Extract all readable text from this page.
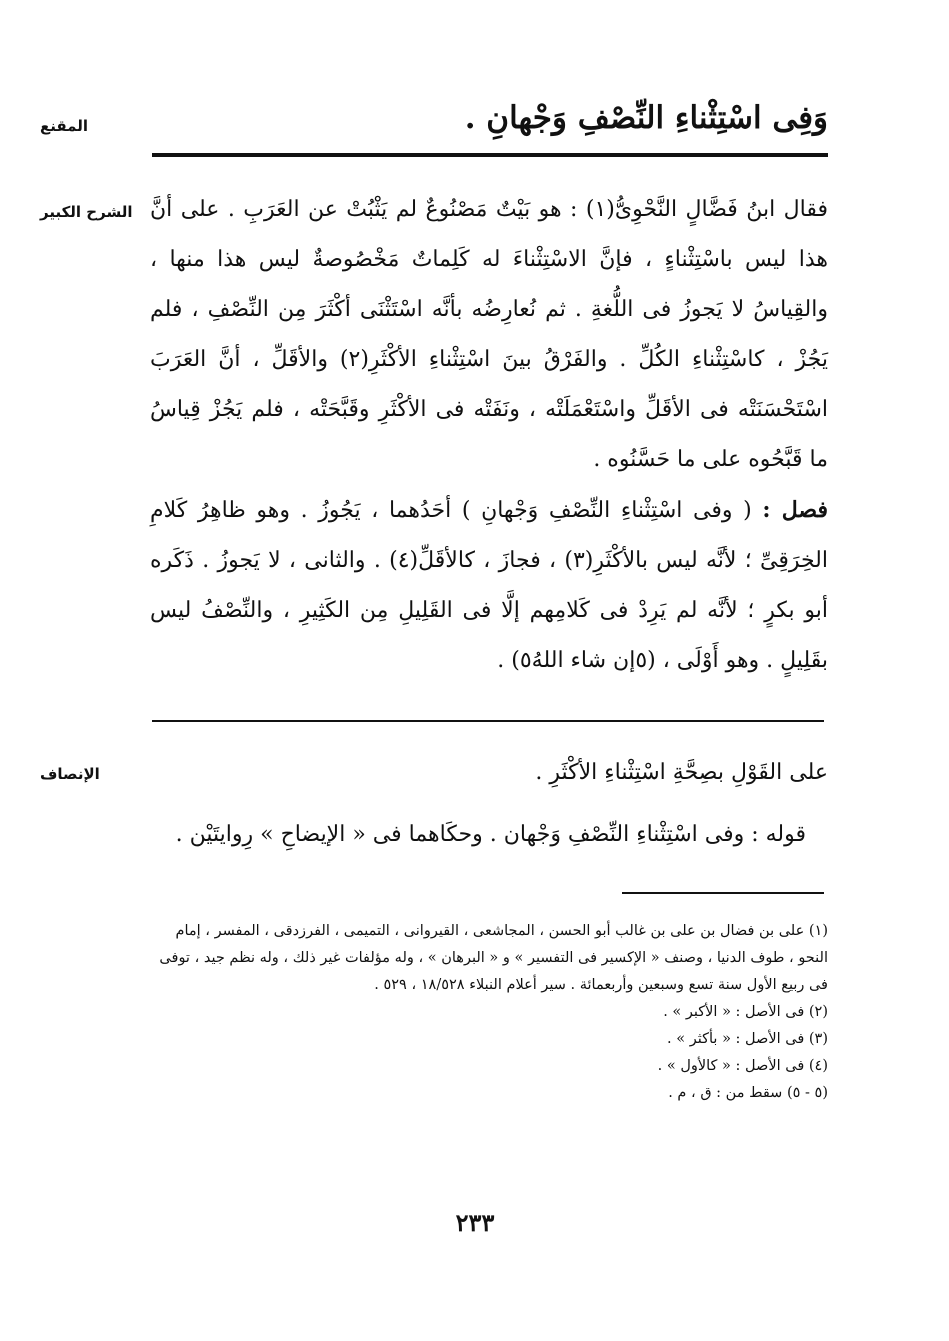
المقنع	وَفِى اسْتِثْناءِ النِّصْفِ وَجْهانِ .
الشرح الكبير فقال ابنُ فَضَّالٍ النَّحْوِىُّ(١) : هو بَيْتٌ مَصْنُوعٌ لم يَثْبُتْ عن العَرَبِ . على أنَّ هذا ليس باسْتِثْناءٍ ، فإنَّ الاسْتِثْناءَ له كَلِماتٌ مَخْصُوصةٌ ليس هذا منها ، والقِياسُ لا يَجوزُ فى اللُّغةِ . ثم نُعارِضُه بأنَّه اسْتَثْنَى أكْثَرَ مِن النِّصْفِ ، فلم يَجُزْ ، كاسْتِثْناءِ الكُلِّ . والفَرْقُ بينَ اسْتِثْناءِ الأكْثَرِ(٢) والأقَلِّ ، أنَّ العَرَبَ اسْتَحْسَنَتْه فى الأقَلِّ واسْتَعْمَلَتْه ، ونَفَتْه فى الأكْثَرِ وقَبَّحَتْه ، فلم يَجُزْ قِياسُ ما قَبَّحُوه على ما حَسَّنُوه .

فصل : ( وفى اسْتِثْناءِ النِّصْفِ وَجْهانِ ) أحَدُهما ، يَجُوزُ . وهو ظاهِرُ كَلامِ الخِرَقِىِّ ؛ لأنَّه ليس بالأكْثَرِ(٣) ، فجازَ ، كالأقَلِّ(٤) . والثانى ، لا يَجوزُ . ذَكَره أبو بكرٍ ؛ لأنَّه لم يَرِدْ فى كَلامِهم إلَّا فى القَلِيلِ مِن الكَثِيرِ ، والنِّصْفُ ليس بقَلِيلٍ . وهو أَوْلَى ، (٥إن شاء اللهُ٥) .

الإنصاف	على القَوْلِ بصِحَّةِ اسْتِثْناءِ الأكْثَرِ .

قوله : وفى اسْتِثْناءِ النِّصْفِ وَجْهان . وحكَاهما فى « الإيضاحِ » رِوايتَيْن .

(١) على بن فضال بن على بن غالب أبو الحسن ، المجاشعى ، القيروانى ، التميمى ، الفرزدقى ، المفسر ، إمام النحو ، طوف الدنيا ، وصنف « الإكسير فى التفسير » و « البرهان » ، وله مؤلفات غير ذلك ، وله نظم جيد ، توفى فى ربيع الأول سنة تسع وسبعين وأربعمائة . سير أعلام النبلاء ١٨/٥٢٨ ، ٥٢٩ .

(٢) فى الأصل : « الأكبر » .

(٣) فى الأصل : « بأكثر » .

(٤) فى الأصل : « كالأول » .

(٥ - ٥) سقط من : ق ، م .

٢٣٣
